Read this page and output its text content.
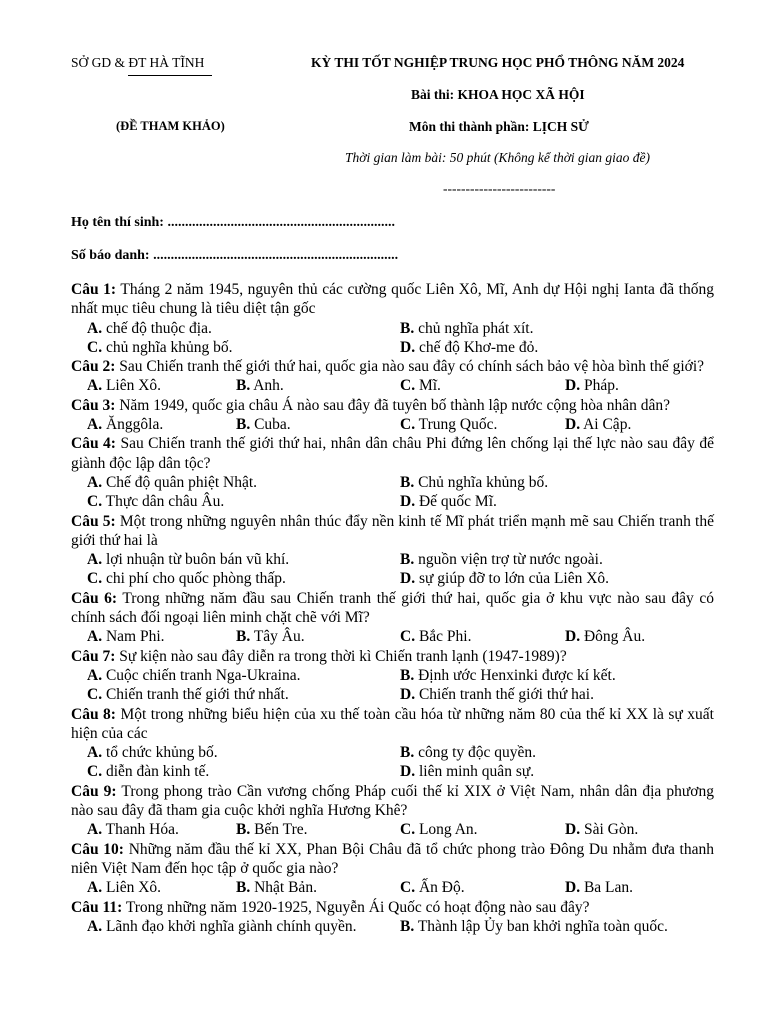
SỞ GD & ĐT HÀ TĨNH	KỲ THI TỐT NGHIỆP TRUNG HỌC PHỔ THÔNG NĂM 2024
Bài thi: KHOA HỌC XÃ HỘI
(ĐỀ THAM KHẢO)	Môn thi thành phần: LỊCH SỬ
Thời gian làm bài: 50 phút (Không kể thời gian giao đề)
-------------------------
Họ tên thí sinh: .................................................................
Số báo danh: ......................................................................
Câu 1: Tháng 2 năm 1945, nguyên thủ các cường quốc Liên Xô, Mĩ, Anh dự Hội nghị Ianta đã thống nhất mục tiêu chung là tiêu diệt tận gốc
A. chế độ thuộc địa.	B. chủ nghĩa phát xít.
C. chủ nghĩa khủng bố.	D. chế độ Khơ-me đỏ.
Câu 2: Sau Chiến tranh thế giới thứ hai, quốc gia nào sau đây có chính sách bảo vệ hòa bình thế giới?
A. Liên Xô.	B. Anh.	C. Mĩ.	D. Pháp.
Câu 3: Năm 1949, quốc gia châu Á nào sau đây đã tuyên bố thành lập nước cộng hòa nhân dân?
A. Ănggôla.	B. Cuba.	C. Trung Quốc.	D. Ai Cập.
Câu 4: Sau Chiến tranh thế giới thứ hai, nhân dân châu Phi đứng lên chống lại thế lực nào sau đây để giành độc lập dân tộc?
A. Chế độ quân phiệt Nhật.	B. Chủ nghĩa khủng bố.
C. Thực dân châu Âu.	D. Đế quốc Mĩ.
Câu 5: Một trong những nguyên nhân thúc đẩy nền kinh tế Mĩ phát triển mạnh mẽ sau Chiến tranh thế giới thứ hai là
A. lợi nhuận từ buôn bán vũ khí.	B. nguồn viện trợ từ nước ngoài.
C. chi phí cho quốc phòng thấp.	D. sự giúp đỡ to lớn của Liên Xô.
Câu 6: Trong những năm đầu sau Chiến tranh thế giới thứ hai, quốc gia ở khu vực nào sau đây có chính sách đối ngoại liên minh chặt chẽ với Mĩ?
A. Nam Phi.	B. Tây Âu.	C. Bắc Phi.	D. Đông Âu.
Câu 7: Sự kiện nào sau đây diễn ra trong thời kì Chiến tranh lạnh (1947-1989)?
A. Cuộc chiến tranh Nga-Ukraina.	B. Định ước Henxinki được kí kết.
C. Chiến tranh thế giới thứ nhất.	D. Chiến tranh thế giới thứ hai.
Câu 8: Một trong những biểu hiện của xu thế toàn cầu hóa từ những năm 80 của thế kỉ XX là sự xuất hiện của các
A. tổ chức khủng bố.	B. công ty độc quyền.
C. diễn đàn kinh tế.	D. liên minh quân sự.
Câu 9: Trong phong trào Cần vương chống Pháp cuối thế kỉ XIX ở Việt Nam, nhân dân địa phương nào sau đây đã tham gia cuộc khởi nghĩa Hương Khê?
A. Thanh Hóa.	B. Bến Tre.	C. Long An.	D. Sài Gòn.
Câu 10: Những năm đầu thế kỉ XX, Phan Bội Châu đã tổ chức phong trào Đông Du nhằm đưa thanh niên Việt Nam đến học tập ở quốc gia nào?
A. Liên Xô.	B. Nhật Bản.	C. Ấn Độ.	D. Ba Lan.
Câu 11: Trong những năm 1920-1925, Nguyễn Ái Quốc có hoạt động nào sau đây?
A. Lãnh đạo khởi nghĩa giành chính quyền.	B. Thành lập Ủy ban khởi nghĩa toàn quốc.
